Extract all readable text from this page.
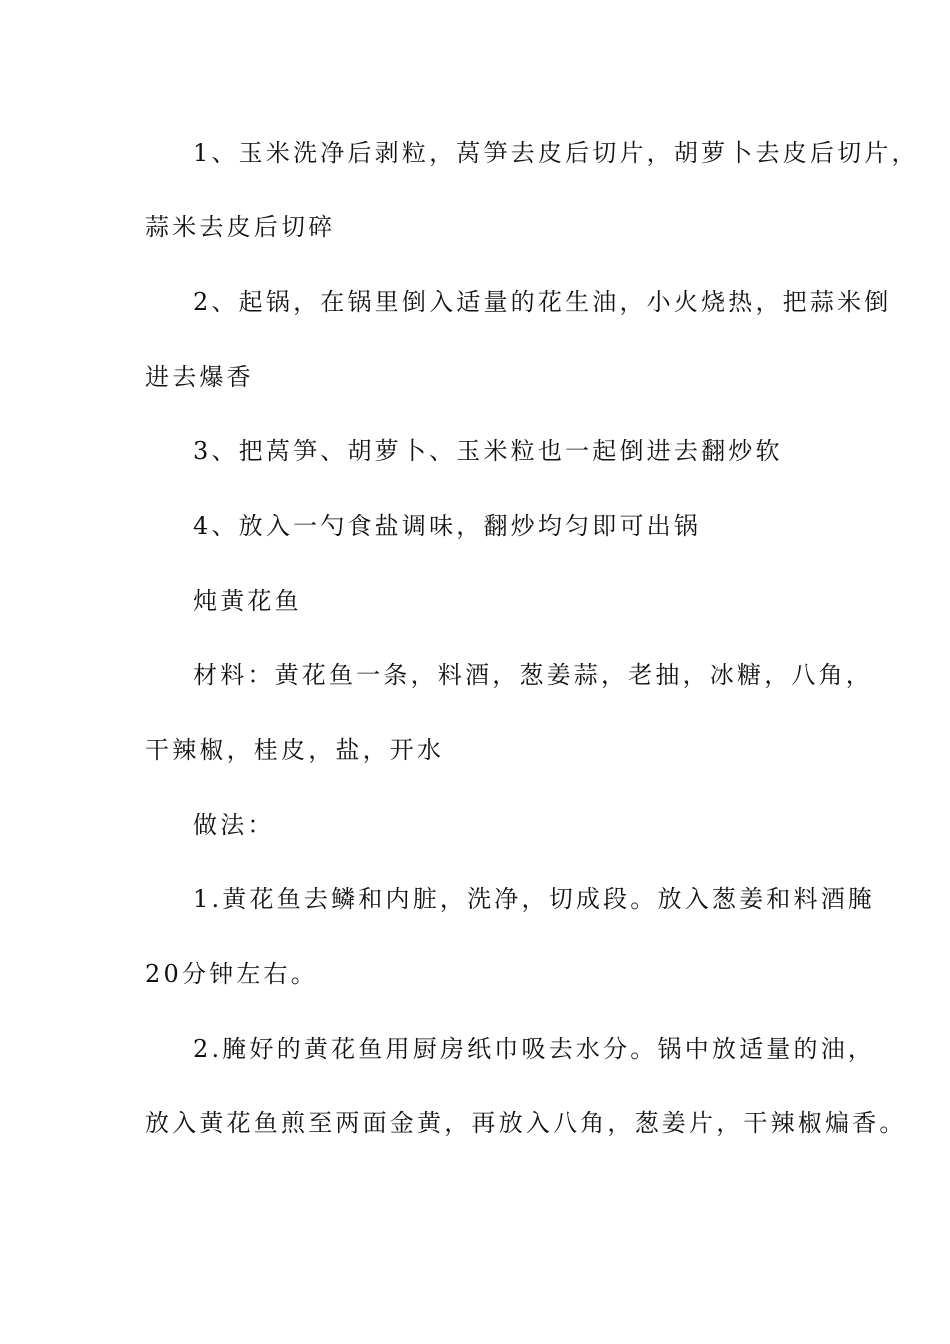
1、玉米洗净后剥粒，莴笋去皮后切片，胡萝卜去皮后切片，
蒜米去皮后切碎
2、起锅，在锅里倒入适量的花生油，小火烧热，把蒜米倒
进去爆香
3、把莴笋、胡萝卜、玉米粒也一起倒进去翻炒软
4、放入一勺食盐调味，翻炒均匀即可出锅
炖黄花鱼
材料：黄花鱼一条，料酒，葱姜蒜，老抽，冰糖，八角，
干辣椒，桂皮，盐，开水
做法：
1.黄花鱼去鳞和内脏，洗净，切成段。放入葱姜和料酒腌
20分钟左右。
2.腌好的黄花鱼用厨房纸巾吸去水分。锅中放适量的油，
放入黄花鱼煎至两面金黄，再放入八角，葱姜片，干辣椒煸香。
